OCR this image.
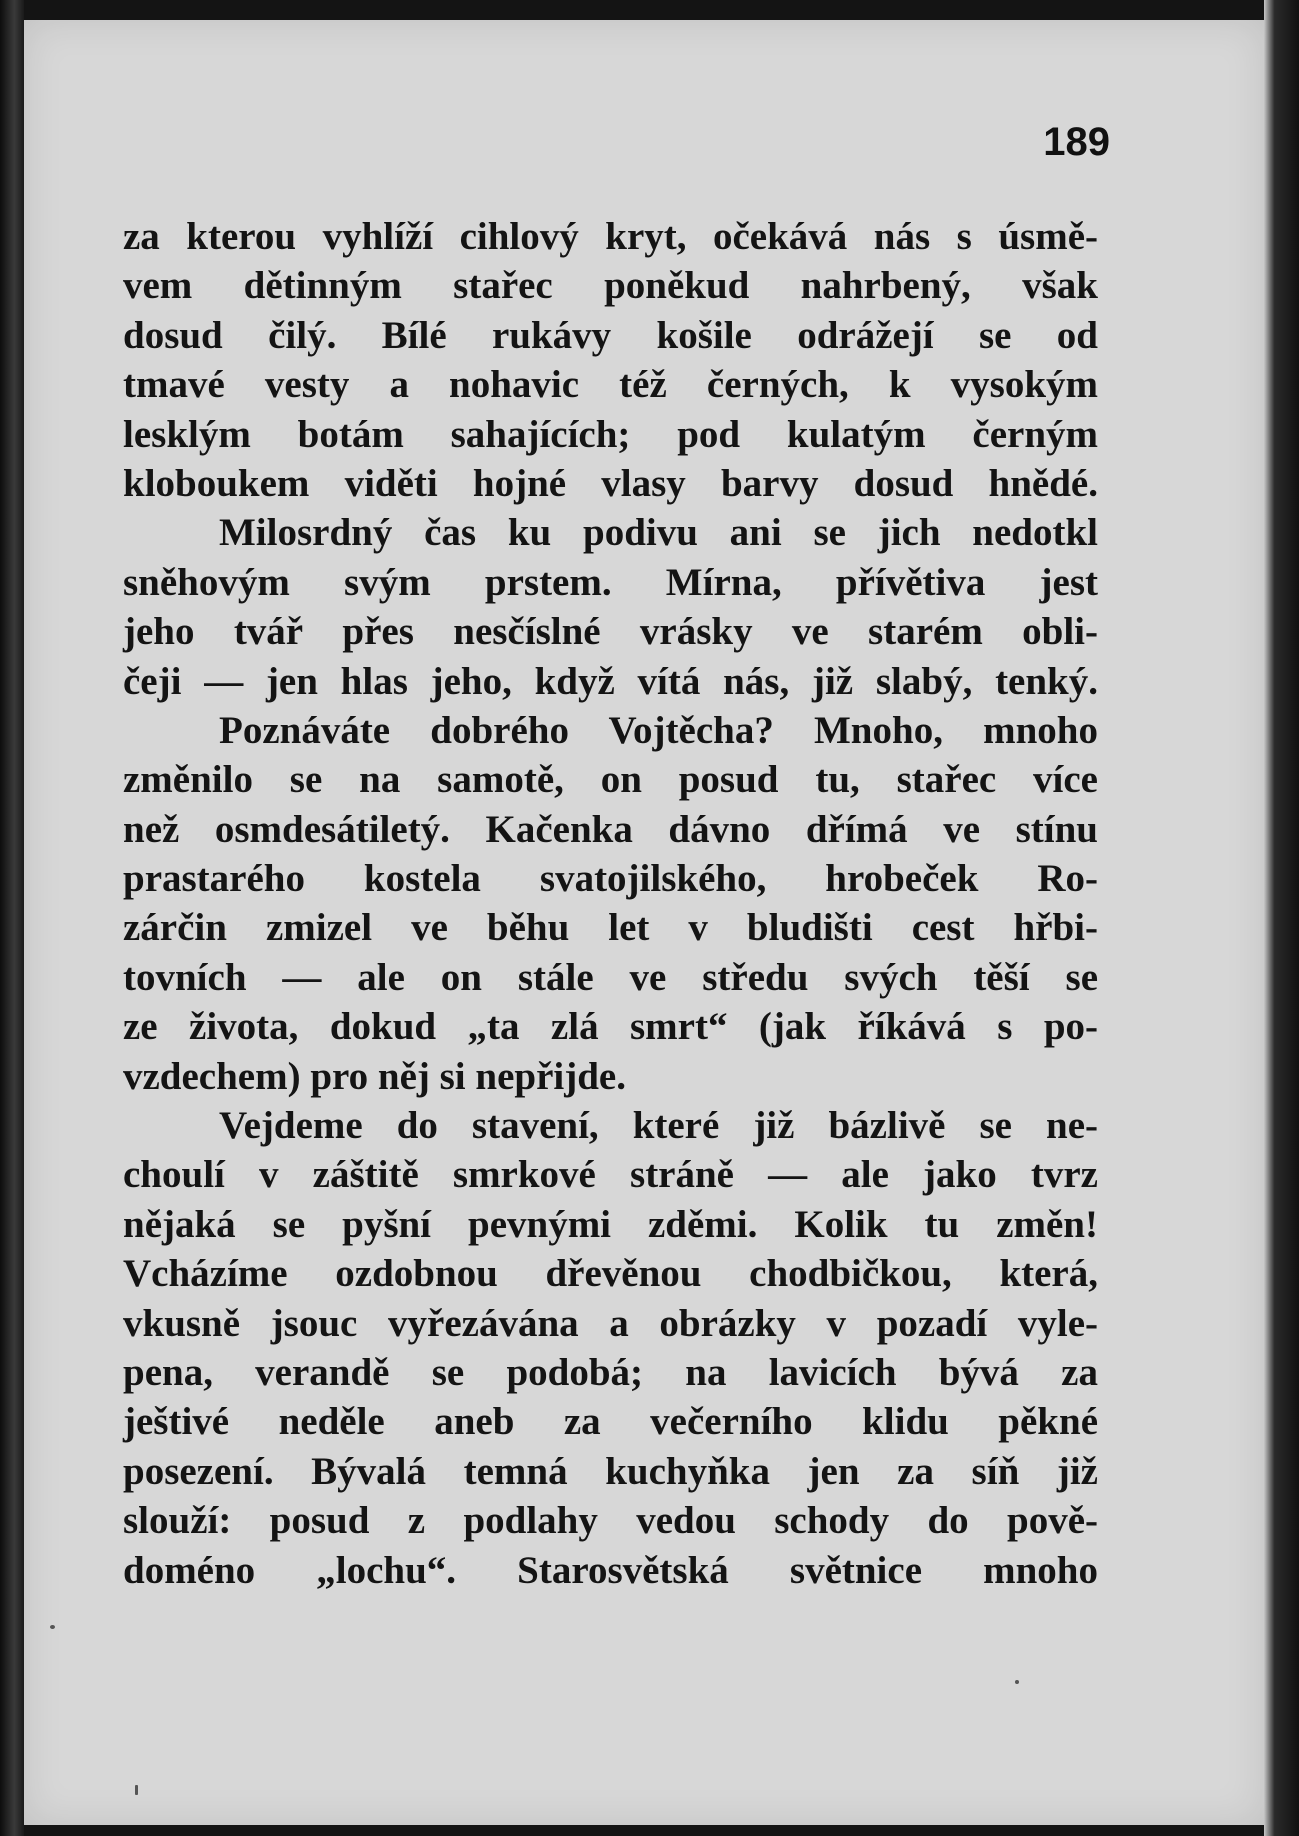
189
za kterou vyhlíží cihlový kryt, očekává nás s úsmě-
vem dětinným stařec poněkud nahrbený, však
dosud čilý. Bílé rukávy košile odrážejí se od
tmavé vesty a nohavic též černých, k vysokým
lesklým botám sahajících; pod kulatým černým
kloboukem viděti hojné vlasy barvy dosud hnědé.
Milosrdný čas ku podivu ani se jich nedotkl
sněhovým svým prstem. Mírna, přívětiva jest
jeho tvář přes nesčíslné vrásky ve starém obli-
čeji — jen hlas jeho, když vítá nás, již slabý, tenký.
Poznáváte dobrého Vojtěcha? Mnoho, mnoho
změnilo se na samotě, on posud tu, stařec více
než osmdesátiletý. Kačenka dávno dřímá ve stínu
prastarého kostela svatojilského, hrobeček Ro-
zárčin zmizel ve běhu let v bludišti cest hřbi-
tovních — ale on stále ve středu svých těší se
ze života, dokud „ta zlá smrt“ (jak říkává s po-
vzdechem) pro něj si nepřijde.
Vejdeme do stavení, které již bázlivě se ne-
choulí v záštitě smrkové stráně — ale jako tvrz
nějaká se pyšní pevnými zděmi. Kolik tu změn!
Vcházíme ozdobnou dřevěnou chodbičkou, která,
vkusně jsouc vyřezávána a obrázky v pozadí vyle-
pena, verandě se podobá; na lavicích bývá za
ještivé neděle aneb za večerního klidu pěkné
posezení. Bývalá temná kuchyňka jen za síň již
slouží: posud z podlahy vedou schody do pově-
doméno „lochu“. Starosvětská světnice mnoho
